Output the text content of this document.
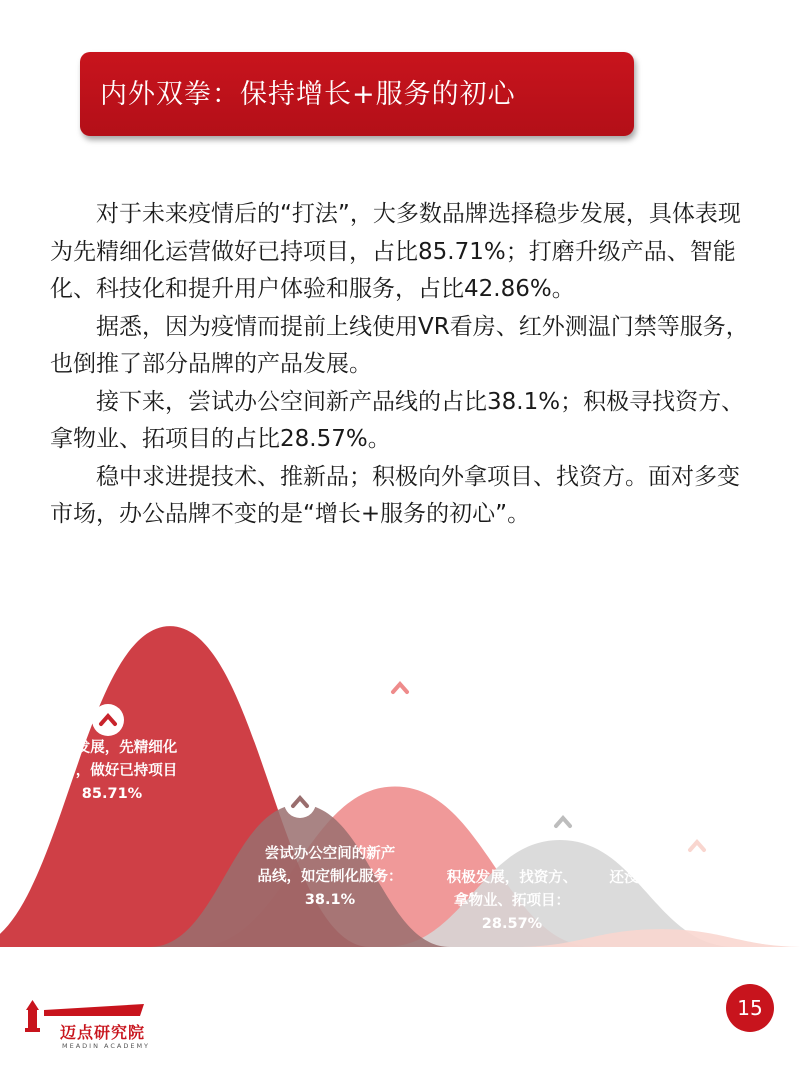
内外双拳：保持增长+服务的初心

对于未来疫情后的“打法”，大多数品牌选择稳步发展，具体表现为先精细化运营做好已持项目，占比85.71%；打磨升级产品、智能化、科技化和提升用户体验和服务，占比42.86%。

据悉，因为疫情而提前上线使用VR看房、红外测温门禁等服务，也倒推了部分品牌的产品发展。

接下来，尝试办公空间新产品线的占比38.1%；积极寻找资方、拿物业、拓项目的占比28.57%。

稳中求进提技术、推新品；积极向外拿项目、找资方。面对多变市场，办公品牌不变的是“增长+服务的初心”。

稳步发展，先精细化
运营，做好已持项目
85.71%
升级产品，智能化、科技化，
提升用户体验服务
42.86%
尝试办公空间的新产
品线，如定制化服务：
38.1%
积极发展，找资方、
拿物业、拓项目：
28.57%
还没想好，暂时观望：
4.76%
迈点研究院
MEADIN ACADEMY
15
